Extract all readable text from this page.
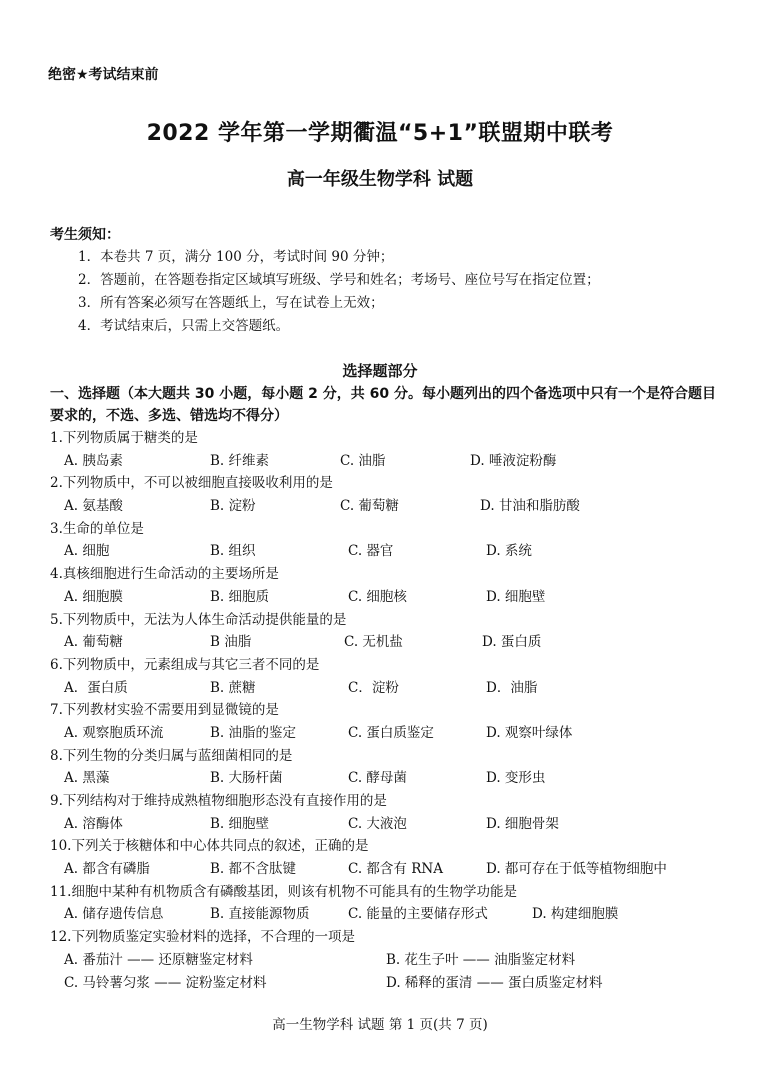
绝密★考试结束前
2022 学年第一学期衢温“5+1”联盟期中联考
高一年级生物学科 试题
考生须知：
1．本卷共 7 页，满分 100 分，考试时间 90 分钟；
2．答题前，在答题卷指定区域填写班级、学号和姓名；考场号、座位号写在指定位置；
3．所有答案必须写在答题纸上，写在试卷上无效；
4．考试结束后，只需上交答题纸。
选择题部分
一、选择题（本大题共 30 小题，每小题 2 分，共 60 分。每小题列出的四个备选项中只有一个是符合题目要求的，不选、多选、错选均不得分）
1.下列物质属于糖类的是
A. 胰岛素	B. 纤维素	C. 油脂	D. 唾液淀粉酶
2.下列物质中，不可以被细胞直接吸收利用的是
A. 氨基酸	B. 淀粉	C. 葡萄糖	D. 甘油和脂肪酸
3.生命的单位是
A. 细胞	B. 组织	C. 器官	D. 系统
4.真核细胞进行生命活动的主要场所是
A. 细胞膜	B. 细胞质	C. 细胞核	D. 细胞壁
5.下列物质中，无法为人体生命活动提供能量的是
A. 葡萄糖	B 油脂	C. 无机盐	D. 蛋白质
6.下列物质中，元素组成与其它三者不同的是
A．蛋白质	B. 蔗糖	C．淀粉	D．油脂
7.下列教材实验不需要用到显微镜的是
A. 观察胞质环流	B. 油脂的鉴定	C. 蛋白质鉴定	D. 观察叶绿体
8.下列生物的分类归属与蓝细菌相同的是
A. 黑藻	B. 大肠杆菌	C. 酵母菌	D. 变形虫
9.下列结构对于维持成熟植物细胞形态没有直接作用的是
A. 溶酶体	B. 细胞壁	C. 大液泡	D. 细胞骨架
10.下列关于核糖体和中心体共同点的叙述，正确的是
A. 都含有磷脂	B. 都不含肽键	C. 都含有 RNA	D. 都可存在于低等植物细胞中
11.细胞中某种有机物质含有磷酸基团，则该有机物不可能具有的生物学功能是
A. 储存遗传信息	B. 直接能源物质	C. 能量的主要储存形式	D. 构建细胞膜
12.下列物质鉴定实验材料的选择，不合理的一项是
A. 番茄汁 —— 还原糖鉴定材料	B. 花生子叶 —— 油脂鉴定材料
C. 马铃薯匀浆 —— 淀粉鉴定材料	D. 稀释的蛋清 —— 蛋白质鉴定材料
高一生物学科 试题 第 1 页(共 7 页)
